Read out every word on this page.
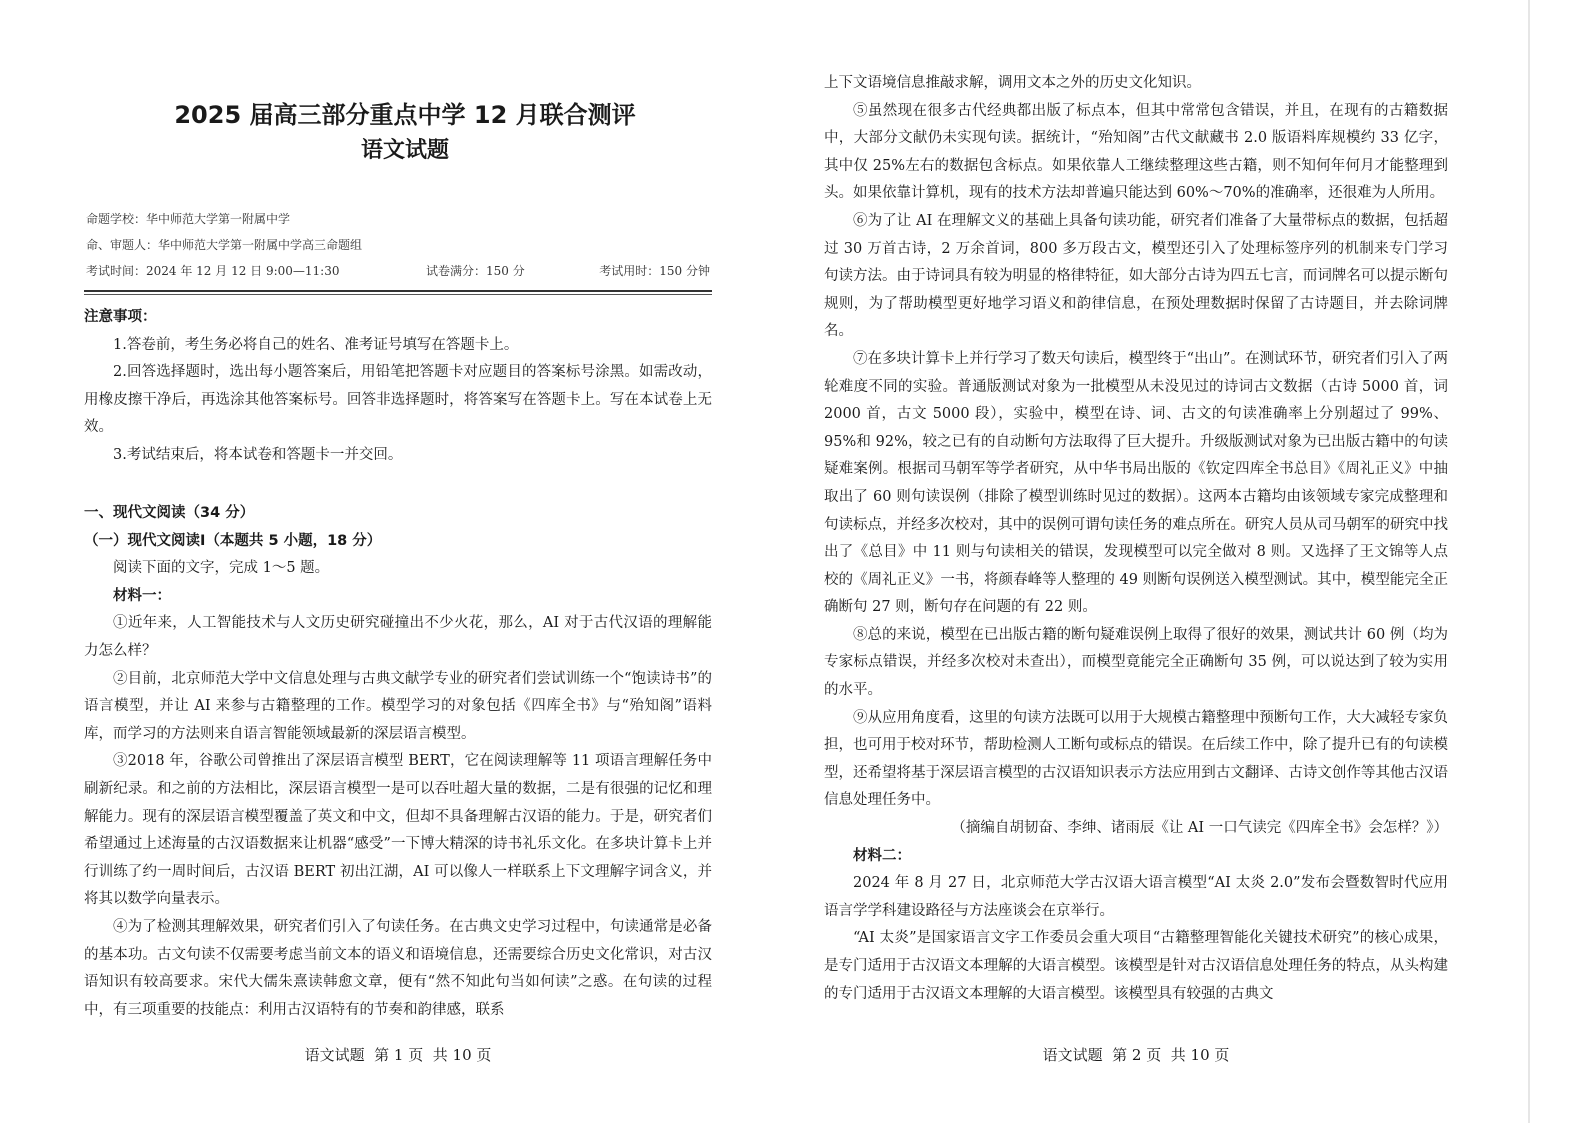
2025 届高三部分重点中学 12 月联合测评
语文试题
命题学校：华中师范大学第一附属中学
命、审题人：华中师范大学第一附属中学高三命题组
考试时间：2024 年 12 月 12 日 9:00—11:30	试卷满分：150 分	考试用时：150 分钟
注意事项：
1.答卷前，考生务必将自己的姓名、准考证号填写在答题卡上。
2.回答选择题时，选出每小题答案后，用铅笔把答题卡对应题目的答案标号涂黑。如需改动，用橡皮擦干净后，再选涂其他答案标号。回答非选择题时，将答案写在答题卡上。写在本试卷上无效。
3.考试结束后，将本试卷和答题卡一并交回。
一、现代文阅读（34 分）
（一）现代文阅读Ⅰ（本题共 5 小题，18 分）
阅读下面的文字，完成 1～5 题。
材料一：
①近年来，人工智能技术与人文历史研究碰撞出不少火花，那么，AI 对于古代汉语的理解能力怎么样？
②目前，北京师范大学中文信息处理与古典文献学专业的研究者们尝试训练一个“饱读诗书”的语言模型，并让 AI 来参与古籍整理的工作。模型学习的对象包括《四库全书》与“殆知阁”语料库，而学习的方法则来自语言智能领域最新的深层语言模型。
③2018 年，谷歌公司曾推出了深层语言模型 BERT，它在阅读理解等 11 项语言理解任务中刷新纪录。和之前的方法相比，深层语言模型一是可以吞吐超大量的数据，二是有很强的记忆和理解能力。现有的深层语言模型覆盖了英文和中文，但却不具备理解古汉语的能力。于是，研究者们希望通过上述海量的古汉语数据来让机器“感受”一下博大精深的诗书礼乐文化。在多块计算卡上并行训练了约一周时间后，古汉语 BERT 初出江湖，AI 可以像人一样联系上下文理解字词含义，并将其以数学向量表示。
④为了检测其理解效果，研究者们引入了句读任务。在古典文史学习过程中，句读通常是必备的基本功。古文句读不仅需要考虑当前文本的语义和语境信息，还需要综合历史文化常识，对古汉语知识有较高要求。宋代大儒朱熹读韩愈文章，便有“然不知此句当如何读”之惑。在句读的过程中，有三项重要的技能点：利用古汉语特有的节奏和韵律感，联系
语文试题  第 1 页  共 10 页
上下文语境信息推敲求解，调用文本之外的历史文化知识。
⑤虽然现在很多古代经典都出版了标点本，但其中常常包含错误，并且，在现有的古籍数据中，大部分文献仍未实现句读。据统计，“殆知阁”古代文献藏书 2.0 版语料库规模约 33 亿字，其中仅 25%左右的数据包含标点。如果依靠人工继续整理这些古籍，则不知何年何月才能整理到头。如果依靠计算机，现有的技术方法却普遍只能达到 60%～70%的准确率，还很难为人所用。
⑥为了让 AI 在理解文义的基础上具备句读功能，研究者们准备了大量带标点的数据，包括超过 30 万首古诗，2 万余首词，800 多万段古文，模型还引入了处理标签序列的机制来专门学习句读方法。由于诗词具有较为明显的格律特征，如大部分古诗为四五七言，而词牌名可以提示断句规则，为了帮助模型更好地学习语义和韵律信息，在预处理数据时保留了古诗题目，并去除词牌名。
⑦在多块计算卡上并行学习了数天句读后，模型终于“出山”。在测试环节，研究者们引入了两轮难度不同的实验。普通版测试对象为一批模型从未没见过的诗词古文数据（古诗 5000 首，词 2000 首，古文 5000 段），实验中，模型在诗、词、古文的句读准确率上分别超过了 99%、95%和 92%，较之已有的自动断句方法取得了巨大提升。升级版测试对象为已出版古籍中的句读疑难案例。根据司马朝军等学者研究，从中华书局出版的《钦定四库全书总目》《周礼正义》中抽取出了 60 则句读误例（排除了模型训练时见过的数据）。这两本古籍均由该领域专家完成整理和句读标点，并经多次校对，其中的误例可谓句读任务的难点所在。研究人员从司马朝军的研究中找出了《总目》中 11 则与句读相关的错误，发现模型可以完全做对 8 则。又选择了王文锦等人点校的《周礼正义》一书，将颜春峰等人整理的 49 则断句误例送入模型测试。其中，模型能完全正确断句 27 则，断句存在问题的有 22 则。
⑧总的来说，模型在已出版古籍的断句疑难误例上取得了很好的效果，测试共计 60 例（均为专家标点错误，并经多次校对未查出），而模型竟能完全正确断句 35 例，可以说达到了较为实用的水平。
⑨从应用角度看，这里的句读方法既可以用于大规模古籍整理中预断句工作，大大减轻专家负担，也可用于校对环节，帮助检测人工断句或标点的错误。在后续工作中，除了提升已有的句读模型，还希望将基于深层语言模型的古汉语知识表示方法应用到古文翻译、古诗文创作等其他古汉语信息处理任务中。
（摘编自胡韧奋、李绅、诸雨辰《让 AI 一口气读完《四库全书》会怎样？》）
材料二：
2024 年 8 月 27 日，北京师范大学古汉语大语言模型“AI 太炎 2.0”发布会暨数智时代应用语言学学科建设路径与方法座谈会在京举行。
“AI 太炎”是国家语言文字工作委员会重大项目“古籍整理智能化关键技术研究”的核心成果，是专门适用于古汉语文本理解的大语言模型。该模型是针对古汉语信息处理任务的特点，从头构建的专门适用于古汉语文本理解的大语言模型。该模型具有较强的古典文
语文试题  第 2 页  共 10 页
